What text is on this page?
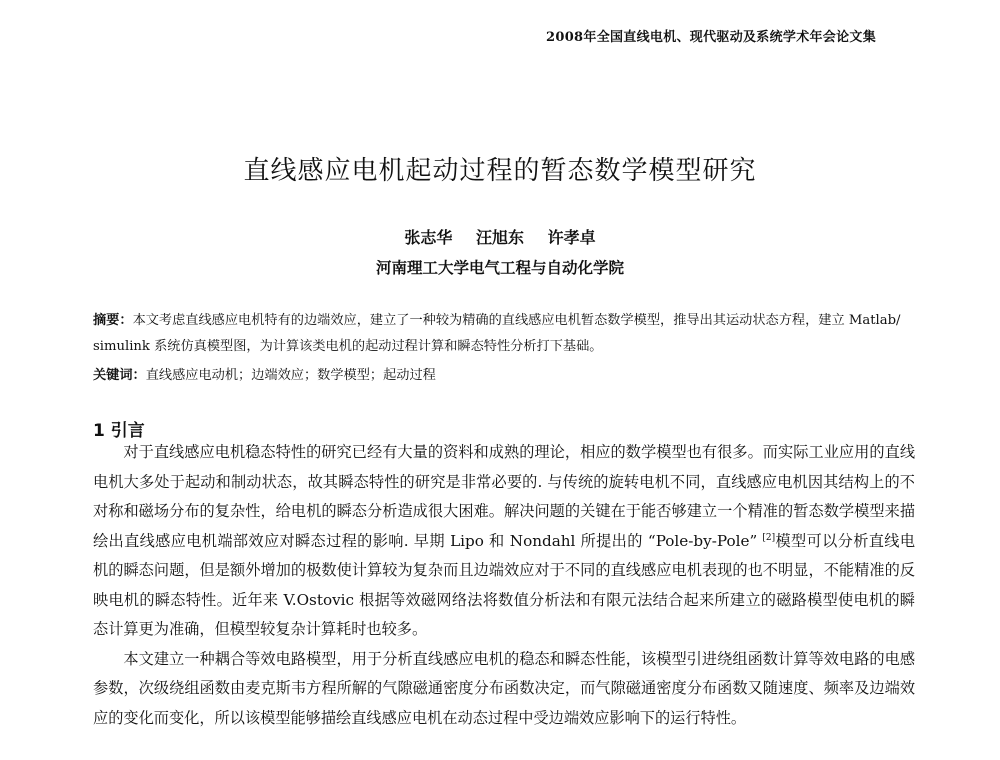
2008年全国直线电机、现代驱动及系统学术年会论文集
直线感应电机起动过程的暂态数学模型研究
张志华 汪旭东 许孝卓
河南理工大学电气工程与自动化学院
摘要：本文考虑直线感应电机特有的边端效应，建立了一种较为精确的直线感应电机暂态数学模型，推导出其运动状态方程，建立 Matlab/ simulink 系统仿真模型图，为计算该类电机的起动过程计算和瞬态特性分析打下基础。
关键词：直线感应电动机；边端效应；数学模型；起动过程
1 引言

对于直线感应电机稳态特性的研究已经有大量的资料和成熟的理论，相应的数学模型也有很多。而实际工业应用的直线电机大多处于起动和制动状态，故其瞬态特性的研究是非常必要的. 与传统的旋转电机不同，直线感应电机因其结构上的不对称和磁场分布的复杂性，给电机的瞬态分析造成很大困难。解决问题的关键在于能否够建立一个精准的暂态数学模型来描绘出直线感应电机端部效应对瞬态过程的影响. 早期 Lipo 和 Nondahl 所提出的 “Pole-by-Pole” [2]模型可以分析直线电机的瞬态问题，但是额外增加的极数使计算较为复杂而且边端效应对于不同的直线感应电机表现的也不明显，不能精准的反映电机的瞬态特性。近年来 V.Ostovic 根据等效磁网络法将数值分析法和有限元法结合起来所建立的磁路模型使电机的瞬态计算更为准确，但模型较复杂计算耗时也较多。

本文建立一种耦合等效电路模型，用于分析直线感应电机的稳态和瞬态性能，该模型引进绕组函数计算等效电路的电感参数，次级绕组函数由麦克斯韦方程所解的气隙磁通密度分布函数决定，而气隙磁通密度分布函数又随速度、频率及边端效应的变化而变化，所以该模型能够描绘直线感应电机在动态过程中受边端效应影响下的运行特性。
